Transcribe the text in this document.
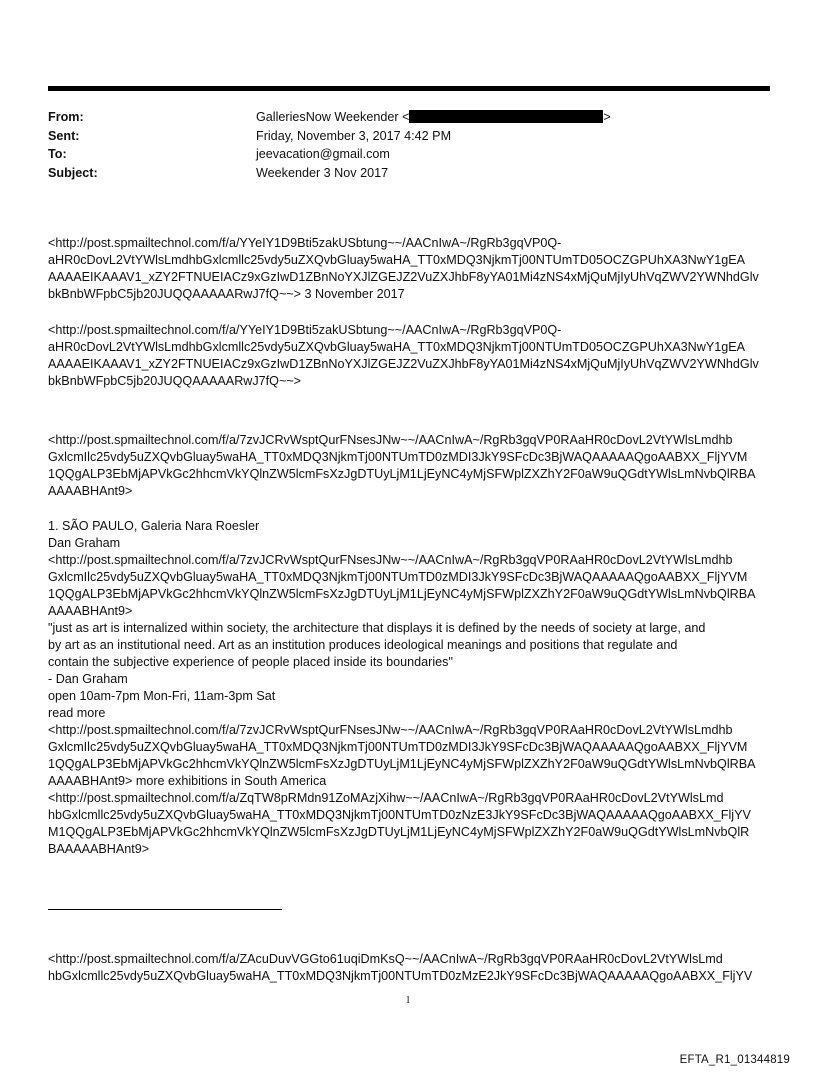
From:	GalleriesNow Weekender <	>
Sent:	Friday, November 3, 2017 4:42 PM
To:	jeevacation@gmail.com
Subject:	Weekender 3 Nov 2017
<http://post.spmailtechnol.com/f/a/YYeIY1D9Bti5zakUSbtung~~/AACnIwA~/RgRb3gqVP0Q-
aHR0cDovL2VtYWlsLmdhbGxlcmllc25vdy5uZXQvbGluay5waHA_TT0xMDQ3NjkmTj00NTUmTD05OCZGPUhXA3NwY1gEA
AAAAEIKAAAV1_xZY2FTNUEIACz9xGzIwD1ZBnNoYXJlZGEJZ2VuZXJhbF8yYA01Mi4zNS4xMjQuMjIyUhVqZWV2YWNhdGlv
bkBnbWFpbC5jb20JUQQAAAAARwJ7fQ~~> 3 November 2017
<http://post.spmailtechnol.com/f/a/YYeIY1D9Bti5zakUSbtung~~/AACnIwA~/RgRb3gqVP0Q-
aHR0cDovL2VtYWlsLmdhbGxlcmllc25vdy5uZXQvbGluay5waHA_TT0xMDQ3NjkmTj00NTUmTD05OCZGPUhXA3NwY1gEA
AAAAEIKAAAV1_xZY2FTNUEIACz9xGzIwD1ZBnNoYXJlZGEJZ2VuZXJhbF8yYA01Mi4zNS4xMjQuMjIyUhVqZWV2YWNhdGlv
bkBnbWFpbC5jb20JUQQAAAAARwJ7fQ~~>
<http://post.spmailtechnol.com/f/a/7zvJCRvWsptQurFNsesJNw~~/AACnIwA~/RgRb3gqVP0RAaHR0cDovL2VtYWlsLmdhb
GxlcmIlc25vdy5uZXQvbGluay5waHA_TT0xMDQ3NjkmTj00NTUmTD0zMDI3JkY9SFcDc3BjWAQAAAAAQgoAABXX_FljYVM
1QQgALP3EbMjAPVkGc2hhcmVkYQlnZW5lcmFsXzJgDTUyLjM1LjEyNC4yMjSFWplZXZhY2F0aW9uQGdtYWlsLmNvbQlRBA
AAAABHAnt9>
1. SÃO PAULO, Galeria Nara Roesler
Dan Graham
<http://post.spmailtechnol.com/f/a/7zvJCRvWsptQurFNsesJNw~~/AACnIwA~/RgRb3gqVP0RAaHR0cDovL2VtYWlsLmdhb
GxlcmIlc25vdy5uZXQvbGluay5waHA_TT0xMDQ3NjkmTj00NTUmTD0zMDI3JkY9SFcDc3BjWAQAAAAAQgoAABXX_FljYVM
1QQgALP3EbMjAPVkGc2hhcmVkYQlnZW5lcmFsXzJgDTUyLjM1LjEyNC4yMjSFWplZXZhY2F0aW9uQGdtYWlsLmNvbQlRBA
AAAABHAnt9>
"just as art is internalized within society, the architecture that displays it is defined by the needs of society at large, and
by art as an institutional need. Art as an institution produces ideological meanings and positions that regulate and
contain the subjective experience of people placed inside its boundaries"
- Dan Graham
open 10am-7pm Mon-Fri, 11am-3pm Sat
read more
<http://post.spmailtechnol.com/f/a/7zvJCRvWsptQurFNsesJNw~~/AACnIwA~/RgRb3gqVP0RAaHR0cDovL2VtYWlsLmdhb
GxlcmIlc25vdy5uZXQvbGluay5waHA_TT0xMDQ3NjkmTj00NTUmTD0zMDI3JkY9SFcDc3BjWAQAAAAAQgoAABXX_FljYVM
1QQgALP3EbMjAPVkGc2hhcmVkYQlnZW5lcmFsXzJgDTUyLjM1LjEyNC4yMjSFWplZXZhY2F0aW9uQGdtYWlsLmNvbQlRBA
AAAABHAnt9> more exhibitions in South America
<http://post.spmailtechnol.com/f/a/ZqTW8pRMdn91ZoMAzjXihw~~/AACnIwA~/RgRb3gqVP0RAaHR0cDovL2VtYWlsLmd
hbGxlcmllc25vdy5uZXQvbGluay5waHA_TT0xMDQ3NjkmTj00NTUmTD0zNzE3JkY9SFcDc3BjWAQAAAAAQgoAABXX_FljYV
M1QQgALP3EbMjAPVkGc2hhcmVkYQlnZW5lcmFsXzJgDTUyLjM1LjEyNC4yMjSFWplZXZhY2F0aW9uQGdtYWlsLmNvbQlR
BAAAAABHAnt9>
<http://post.spmailtechnol.com/f/a/ZAcuDuvVGGto61uqiDmKsQ~~/AACnIwA~/RgRb3gqVP0RAaHR0cDovL2VtYWlsLmd
hbGxlcmllc25vdy5uZXQvbGluay5waHA_TT0xMDQ3NjkmTj00NTUmTD0zMzE2JkY9SFcDc3BjWAQAAAAAQgoAABXX_FljYV
1
EFTA_R1_01344819
